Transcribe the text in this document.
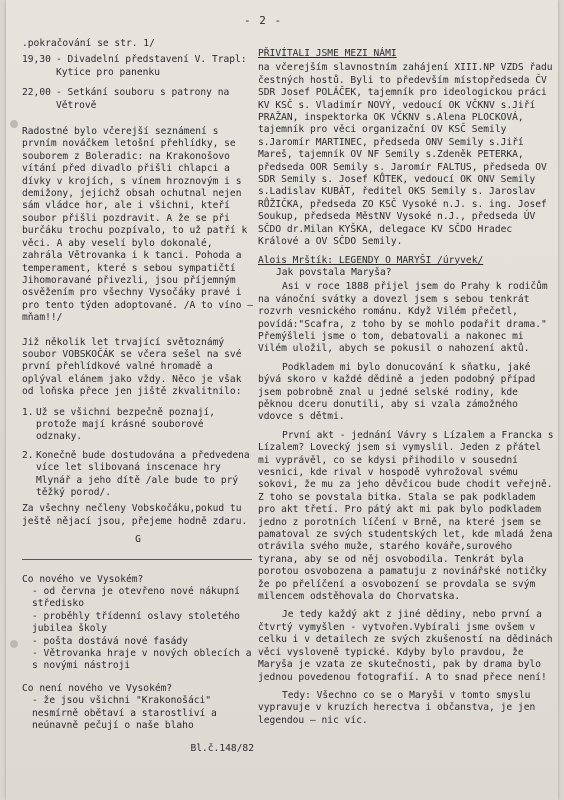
- 2 -

.pokračování se str. 1/

19,30 - Divadelní představení V. Trapl: Kytice pro panenku
22,00 - Setkání souboru s patrony na Větrově

Radostné bylo včerejší seznámení s prvním nováčkem letošní přehlídky, se souborem z Boleradic: na Krakonošovo vítání před divadlo přišli chlapci a dívky v krojích, s vínem hroznovým i s demižony, jejichž obsah ochutnal nejen sám vládce hor, ale i všichni, kteří soubor přišli pozdravit. A že se při burčáku trochu pozpívalo, to už patří k věci. A aby veselí bylo dokonalé, zahrála Větrovanka i k tanci. Pohoda a temperament, které s sebou sympatičtí Jihomoravané přivezli, jsou příjemným osvěžením pro všechny Vysočáky pravé i pro tento týden adoptované. /A to víno – mňam!!/

Již několik let trvající světoznámý soubor VOBSKOČÁK se včera sešel na své první přehlídkové valné hromadě a oplýval elánem jako vždy. Něco je však od loňska přece jen jiště zkvalitnilo:

1. Už se všichni bezpečně poznají, protože mají krásné souborové odznaky.
2. Konečně bude dostudována a předvedena více let slibovaná inscenace hry Mlynář a jeho dítě /ale bude to prý těžký porod/.

Za všechny nečleny Vobskočáku,pokud tu ještě nějací jsou, přejeme hodně zdaru.

G

Co nového ve Vysokém?

- od června je otevřeno nové nákupní středisko

- proběhly třídenní oslavy stoletého jubilea školy

- pošta dostává nové fasády

- Větrovanka hraje v nových oblecích a s novými nástroji

Co není nového ve Vysokém?

- že jsou všichni "Krakonošáci" nesmírně obětaví a starostliví a neúnavně pečují o naše blaho

Bl.č.148/82

PŘIVÍTALI JSME MEZI NÁMI

na včerejším slavnostním zahájení XIII.NP VZDS řadu čestných hostů. Byli to především místopředseda ČV SDR Josef POLÁČEK, tajemník pro ideologickou práci KV KSČ s. Vladimír NOVÝ, vedoucí OK VČKNV s.Jiří PRAŽAN, inspektorka OK VČKNV s.Alena PLOCKOVÁ, tajemník pro věci organizační OV KSČ Semily s.Jaromír MARTINEC, předseda ONV Semily s.Jiří Mareš, tajemník OV NF Semily s.Zdeněk PETERKA, předseda OOR Semily s. Jaromír FALTUS, předseda OV SDR Semily s. Josef KŮTEK, vedoucí OK ONV Semily s.Ladislav KUBÁT, ředitel OKS Semily s. Jaroslav RŮŽIČKA, předseda ZO KSČ Vysoké n.J. s. ing. Josef Soukup, předseda MěstNV Vysoké n.J., předseda ÚV SČDO dr.Milan KYŠKA, delegace KV SČDO Hradec Králové a OV SČDO Semily.

Alois Mrštík: LEGENDY O MARYŠI /úryvek/

Jak povstala Maryša?

Asi v roce 1888 přijel jsem do Prahy k rodičům na vánoční svátky a dovezl jsem s sebou tenkrát rozvrh vesnického románu. Když Vilém přečetl, povídá:"Scafra, z toho by se mohlo podařit drama." Přemýšleli jsme o tom, debatovali a nakonec mi Vilém uložil, abych se pokusil o nahození aktů.

Podkladem mi bylo donucování k sňatku, jaké bývá skoro v každé dědině a jeden podobný případ jsem pobrobně znal u jedné selské rodiny, kde pěknou dceru donutili, aby si vzala zámožného vdovce s dětmi.

První akt - jednání Vávry s Lízalem a Francka s Lízalem? Lovecký jsem si vymyslil. Jeden z přátel mi vyprávěl, co se kdysi přihodilo v sousední vesnici, kde rival v hospodě vyhrožoval svému sokovi, že mu za jeho děvčicou bude chodit veřejně. Z toho se povstala bitka. Stala se pak podkladem pro akt třetí. Pro pátý akt mi pak bylo podkladem jedno z porotních líčení v Brně, na které jsem se pamatoval ze svých studentských let, kde mladá žena otrávila svého muže, starého kováře,surového tyrana, aby se od něj osvobodila. Tenkrát byla porotou osvobozena a pamatuju z novinářské notičky že po přelíčení a osvobození se provdala se svým milencem odstěhovala do Chorvatska.

Je tedy každý akt z jiné dědiny, nebo první a čtvrtý vymyšlen - vytvořen.Vybírali jsme ovšem v celku i v detailech ze svých zkušeností na dědinách věci vysloveně typické. Kdyby bylo pravdou, že Maryša je vzata ze skutečnosti, pak by drama bylo jednou povedenou fotografií. A to snad přece není!

Tedy: Všechno co se o Maryši v tomto smyslu vypravuje v kruzích herectva i občanstva, je jen legendou – nic víc.
